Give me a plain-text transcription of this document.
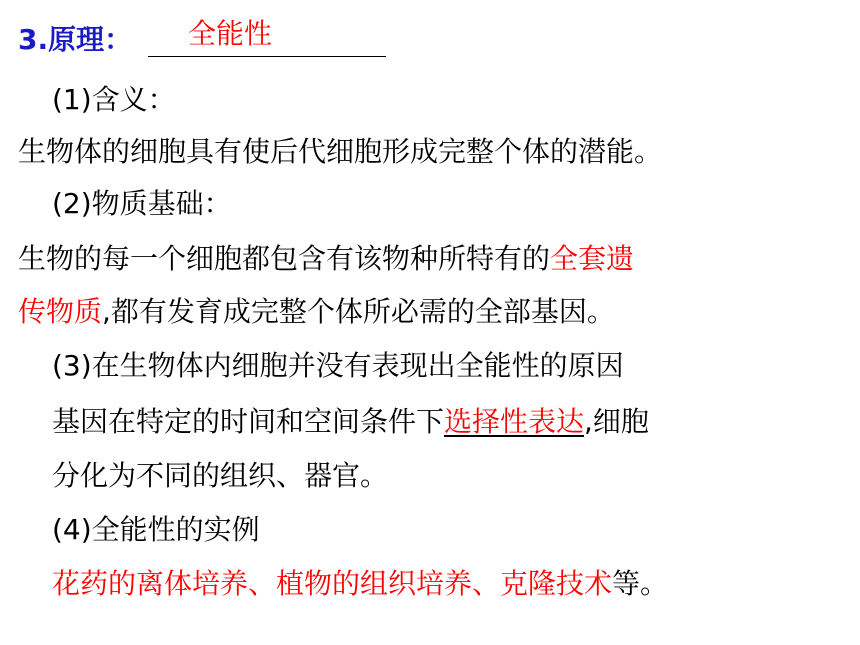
3.原理： 全能性
(1)含义：
生物体的细胞具有使后代细胞形成完整个体的潜能。
(2)物质基础：
生物的每一个细胞都包含有该物种所特有的全套遗
传物质,都有发育成完整个体所必需的全部基因。
(3)在生物体内细胞并没有表现出全能性的原因
基因在特定的时间和空间条件下选择性表达,细胞
分化为不同的组织、器官。
(4)全能性的实例
花药的离体培养、植物的组织培养、克隆技术等。
